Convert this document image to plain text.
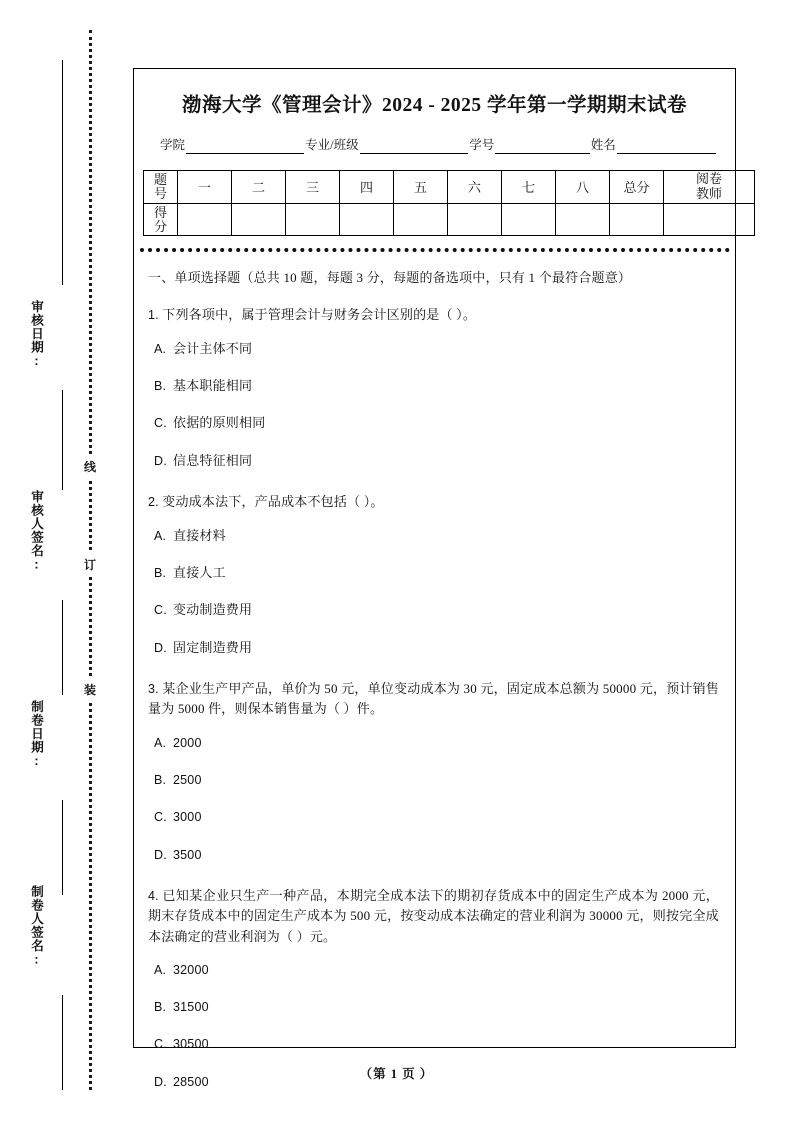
审核日期:
审核人签名:
制卷日期:
制卷人签名:
线
订
装
渤海大学《管理会计》2024 - 2025 学年第一学期期末试卷
学院	专业/班级	学号	姓名
题
号	一	二	三	四	五	六	七	八	总分	阅卷
教师

得
分										

一、单项选择题（总共 10 题，每题 3 分，每题的备选项中，只有 1 个最符合题意）
1. 下列各项中，属于管理会计与财务会计区别的是（ ）。
A. 会计主体不同
B. 基本职能相同
C. 依据的原则相同
D. 信息特征相同
2. 变动成本法下，产品成本不包括（ ）。
A. 直接材料
B. 直接人工
C. 变动制造费用
D. 固定制造费用
3. 某企业生产甲产品，单价为 50 元，单位变动成本为 30 元，固定成本总额为 50000 元，预计销售量为 5000 件，则保本销售量为（ ）件。
A. 2000
B. 2500
C. 3000
D. 3500
4. 已知某企业只生产一种产品，本期完全成本法下的期初存货成本中的固定生产成本为 2000 元，期末存货成本中的固定生产成本为 500 元，按变动成本法确定的营业利润为 30000 元，则按完全成本法确定的营业利润为（ ）元。
A. 32000
B. 31500
C. 30500
D. 28500
（第 1 页 ）
